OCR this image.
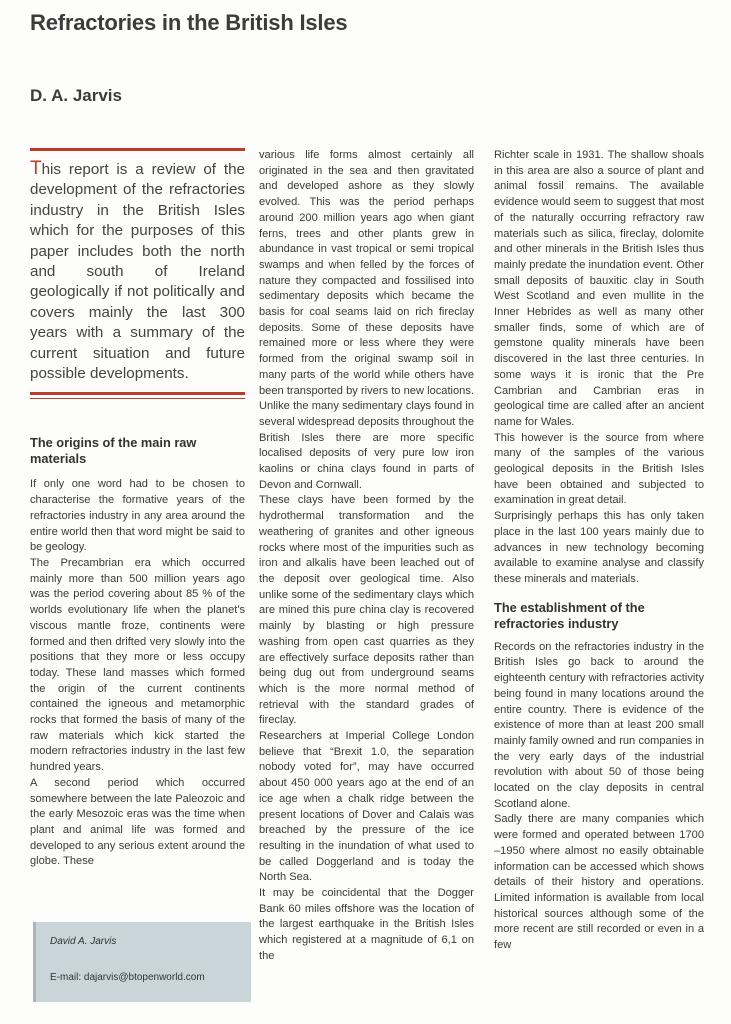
Refractories in the British Isles
D. A. Jarvis

This report is a review of the development of the refractories industry in the British Isles which for the purposes of this paper includes both the north and south of Ireland geologically if not politically and covers mainly the last 300 years with a summary of the current situation and future possible developments.

The origins of the main raw materials

If only one word had to be chosen to characterise the formative years of the refractories industry in any area around the entire world then that word might be said to be geology.

The Precambrian era which occurred mainly more than 500 million years ago was the period covering about 85 % of the worlds evolutionary life when the planet's viscous mantle froze, continents were formed and then drifted very slowly into the positions that they more or less occupy today. These land masses which formed the origin of the current continents contained the igneous and metamorphic rocks that formed the basis of many of the raw materials which kick started the modern refractories industry in the last few hundred years.

A second period which occurred somewhere between the late Paleozoic and the early Mesozoic eras was the time when plant and animal life was formed and developed to any serious extent around the globe. These

various life forms almost certainly all originated in the sea and then gravitated and developed ashore as they slowly evolved. This was the period perhaps around 200 million years ago when giant ferns, trees and other plants grew in abundance in vast tropical or semi tropical swamps and when felled by the forces of nature they compacted and fossilised into sedimentary deposits which became the basis for coal seams laid on rich fireclay deposits. Some of these deposits have remained more or less where they were formed from the original swamp soil in many parts of the world while others have been transported by rivers to new locations. Unlike the many sedimentary clays found in several widespread deposits throughout the British Isles there are more specific localised deposits of very pure low iron kaolins or china clays found in parts of Devon and Cornwall.

These clays have been formed by the hydrothermal transformation and the weathering of granites and other igneous rocks where most of the impurities such as iron and alkalis have been leached out of the deposit over geological time. Also unlike some of the sedimentary clays which are mined this pure china clay is recovered mainly by blasting or high pressure washing from open cast quarries as they are effectively surface deposits rather than being dug out from underground seams which is the more normal method of retrieval with the standard grades of fireclay.

Researchers at Imperial College London believe that “Brexit 1.0, the separation nobody voted for”, may have occurred about 450 000 years ago at the end of an ice age when a chalk ridge between the present locations of Dover and Calais was breached by the pressure of the ice resulting in the inundation of what used to be called Doggerland and is today the North Sea.

It may be coincidental that the Dogger Bank 60 miles offshore was the location of the largest earthquake in the British Isles which registered at a magnitude of 6,1 on the

Richter scale in 1931. The shallow shoals in this area are also a source of plant and animal fossil remains. The available evidence would seem to suggest that most of the naturally occurring refractory raw materials such as silica, fireclay, dolomite and other minerals in the British Isles thus mainly predate the inundation event. Other small deposits of bauxitic clay in South West Scotland and even mullite in the Inner Hebrides as well as many other smaller finds, some of which are of gemstone quality minerals have been discovered in the last three centuries. In some ways it is ironic that the Pre Cambrian and Cambrian eras in geological time are called after an ancient name for Wales.

This however is the source from where many of the samples of the various geological deposits in the British Isles have been obtained and subjected to examination in great detail.

Surprisingly perhaps this has only taken place in the last 100 years mainly due to advances in new technology becoming available to examine analyse and classify these minerals and materials.

The establishment of the refractories industry

Records on the refractories industry in the British Isles go back to around the eighteenth century with refractories activity being found in many locations around the entire country. There is evidence of the existence of more than at least 200 small mainly family owned and run companies in the very early days of the industrial revolution with about 50 of those being located on the clay deposits in central Scotland alone.

Sadly there are many companies which were formed and operated between 1700 –1950 where almost no easily obtainable information can be accessed which shows details of their history and operations. Limited information is available from local historical sources although some of the more recent are still recorded or even in a few

David A. Jarvis
E-mail: dajarvis@btopenworld.com
